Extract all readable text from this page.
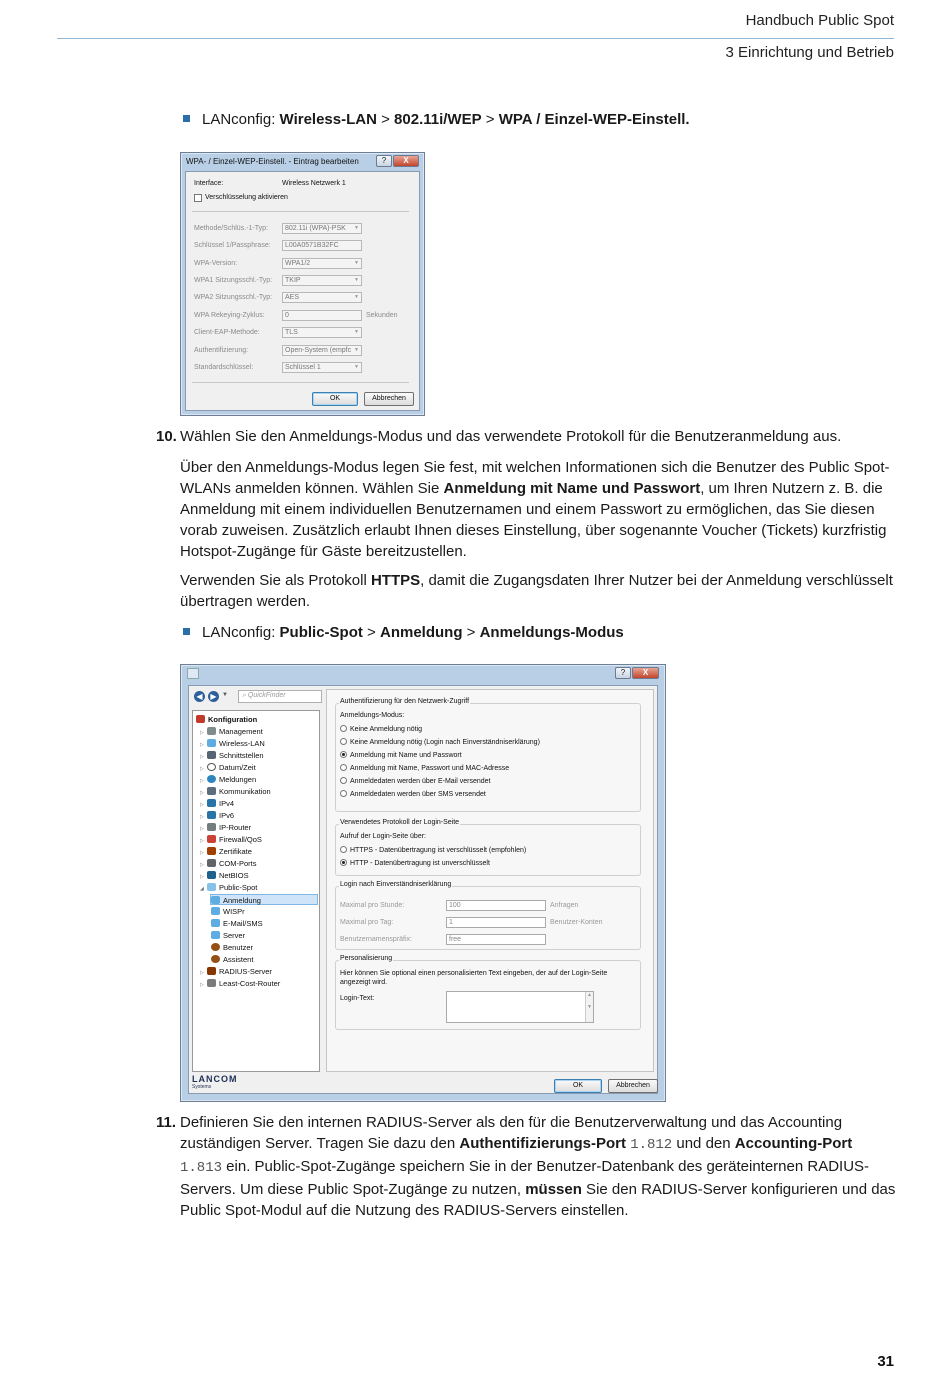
Handbuch Public Spot
3 Einrichtung und Betrieb
LANconfig: Wireless-LAN > 802.11i/WEP > WPA / Einzel-WEP-Einstell.
WPA- / Einzel-WEP-Einstell. - Eintrag bearbeiten	?	X
Interface:	Wireless Netzwerk 1
Verschlüsselung aktivieren
Methode/Schlüs.-1-Typ:	802.11i (WPA)-PSK	▼
Schlüssel 1/Passphrase:	L00A0571B32FC
WPA-Version:	WPA1/2	▼
WPA1 Sitzungsschl.-Typ:	TKIP	▼
WPA2 Sitzungsschl.-Typ:	AES	▼
WPA Rekeying-Zyklus:	0	Sekunden
Client-EAP-Methode:	TLS	▼
Authentifizierung:	Open-System (empfc ▼
Standardschlüssel:	Schlüssel 1	▼
OK	Abbrechen
10. Wählen Sie den Anmeldungs-Modus und das verwendete Protokoll für die Benutzeranmeldung aus.
Über den Anmeldungs-Modus legen Sie fest, mit welchen Informationen sich die Benutzer des Public Spot-WLANs anmelden können. Wählen Sie Anmeldung mit Name und Passwort, um Ihren Nutzern z. B. die Anmeldung mit einem individuellen Benutzernamen und einem Passwort zu ermöglichen, das Sie diesen vorab zuweisen. Zusätzlich erlaubt Ihnen dieses Einstellung, über sogenannte Voucher (Tickets) kurzfristig Hotspot-Zugänge für Gäste bereitzustellen.
Verwenden Sie als Protokoll HTTPS, damit die Zugangsdaten Ihrer Nutzer bei der Anmeldung verschlüsselt übertragen werden.
LANconfig: Public-Spot > Anmeldung > Anmeldungs-Modus
?	X
◀ ▶ ▼	⌕ QuickFinder
Konfiguration
▷ Management
▷ Wireless-LAN
▷ Schnittstellen
▷ Datum/Zeit
▷ Meldungen
▷ Kommunikation
▷ IPv4
▷ IPv6
▷ IP-Router
▷ Firewall/QoS
▷ Zertifikate
▷ COM-Ports
▷ NetBIOS
◢ Public-Spot
Anmeldung
WISPr
E-Mail/SMS
Server
Benutzer
Assistent
▷ RADIUS-Server
▷ Least-Cost-Router
LANCOM
Systems
Authentifizierung für den Netzwerk-Zugriff
Anmeldungs-Modus:
Keine Anmeldung nötig
Keine Anmeldung nötig (Login nach Einverständniserklärung)
Anmeldung mit Name und Passwort
Anmeldung mit Name, Passwort und MAC-Adresse
Anmeldedaten werden über E-Mail versendet
Anmeldedaten werden über SMS versendet
Verwendetes Protokoll der Login-Seite
Aufruf der Login-Seite über:
HTTPS - Datenübertragung ist verschlüsselt (empfohlen)
HTTP - Datenübertragung ist unverschlüsselt
Login nach Einverständniserklärung
Maximal pro Stunde:	100	Anfragen
Maximal pro Tag:	1	Benutzer-Konten
Benutzernamenspräfix:	free
Personalisierung
Hier können Sie optional einen personalisierten Text eingeben, der auf der Login-Seite angezeigt wird.
Login-Text:	▲

▼
OK	Abbrechen
11. Definieren Sie den internen RADIUS-Server als den für die Benutzerverwaltung und das Accounting zuständigen Server. Tragen Sie dazu den Authentifizierungs-Port 1.812 und den Accounting-Port 1.813 ein. Public-Spot-Zugänge speichern Sie in der Benutzer-Datenbank des geräteinternen RADIUS-Servers. Um diese Public Spot-Zugänge zu nutzen, müssen Sie den RADIUS-Server konfigurieren und das Public Spot-Modul auf die Nutzung des RADIUS-Servers einstellen.
31
